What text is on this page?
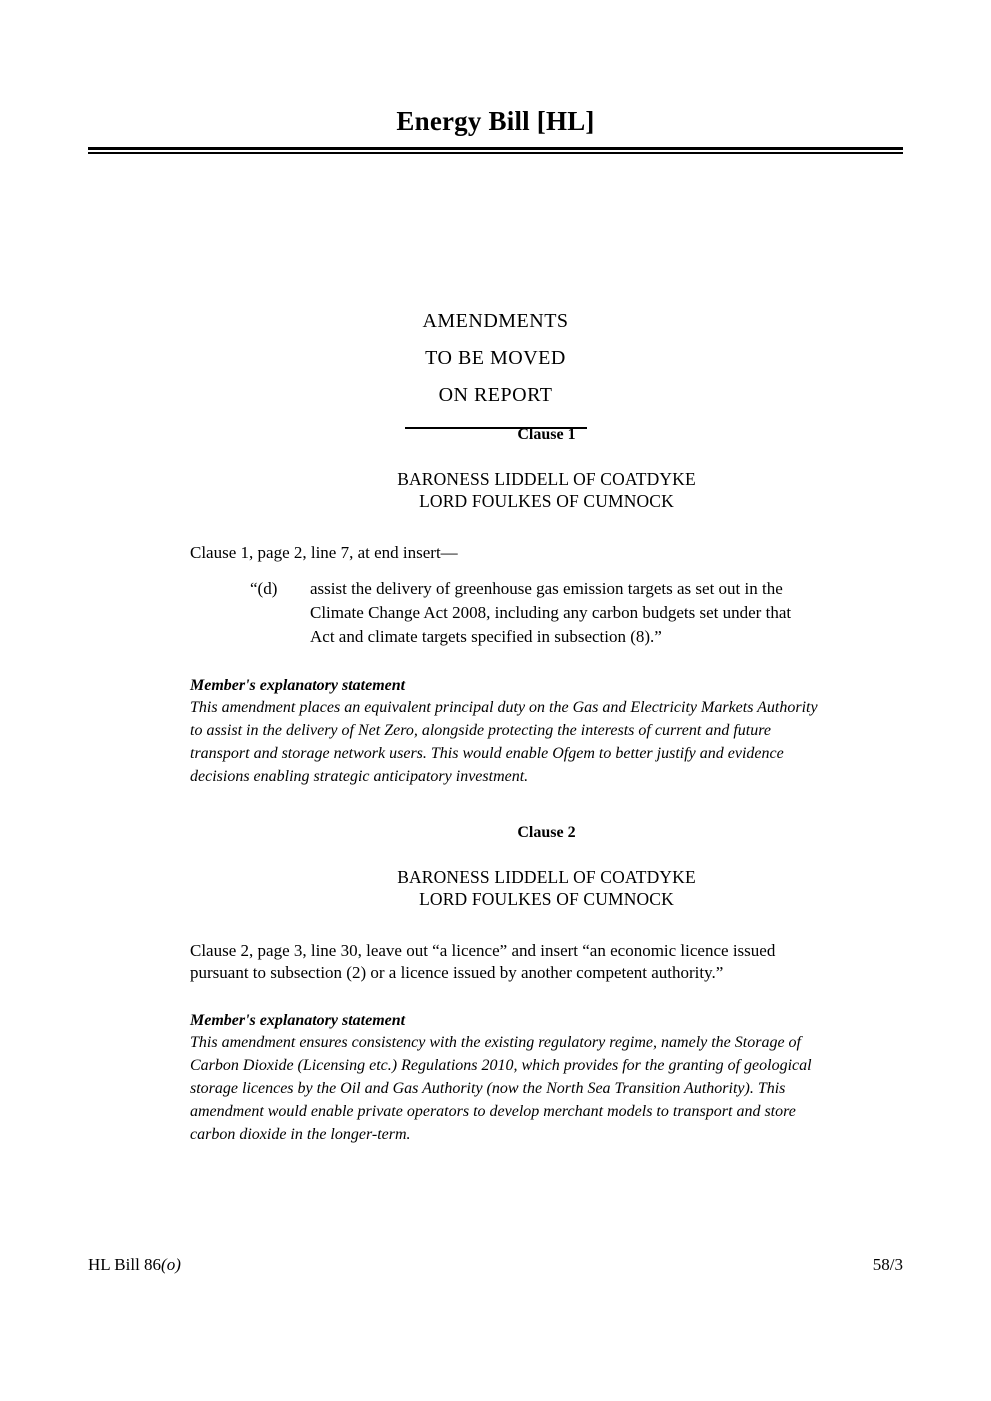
Energy Bill [HL]
AMENDMENTS
TO BE MOVED
ON REPORT
Clause 1
BARONESS LIDDELL OF COATDYKE
LORD FOULKES OF CUMNOCK
Clause 1, page 2, line 7, at end insert—
“(d)	assist the delivery of greenhouse gas emission targets as set out in the
Climate Change Act 2008, including any carbon budgets set under that
Act and climate targets specified in subsection (8).”
Member's explanatory statement
This amendment places an equivalent principal duty on the Gas and Electricity Markets Authority
to assist in the delivery of Net Zero, alongside protecting the interests of current and future
transport and storage network users. This would enable Ofgem to better justify and evidence
decisions enabling strategic anticipatory investment.
Clause 2
BARONESS LIDDELL OF COATDYKE
LORD FOULKES OF CUMNOCK
Clause 2, page 3, line 30, leave out “a licence” and insert “an economic licence issued
pursuant to subsection (2) or a licence issued by another competent authority.”
Member's explanatory statement
This amendment ensures consistency with the existing regulatory regime, namely the Storage of
Carbon Dioxide (Licensing etc.) Regulations 2010, which provides for the granting of geological
storage licences by the Oil and Gas Authority (now the North Sea Transition Authority). This
amendment would enable private operators to develop merchant models to transport and store
carbon dioxide in the longer-term.
HL Bill 86(o)	58/3
